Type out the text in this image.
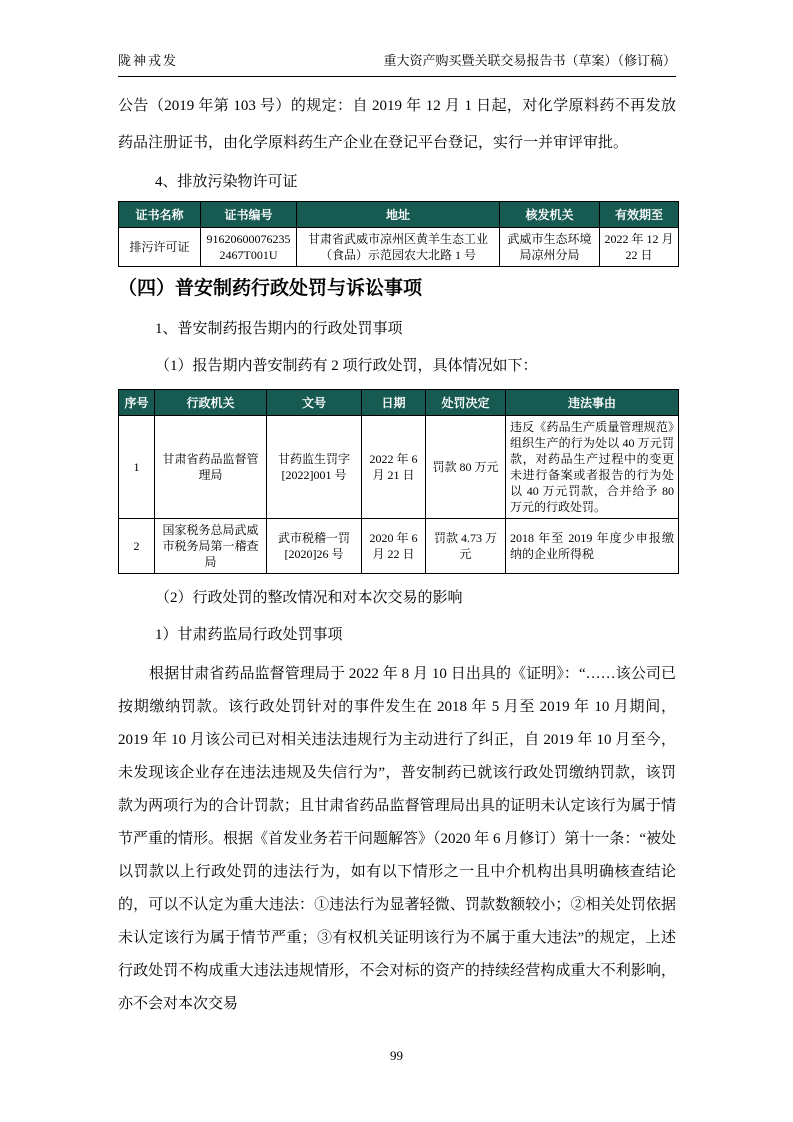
陇神戎发	重大资产购买暨关联交易报告书（草案）（修订稿）

公告（2019 年第 103 号）的规定：自 2019 年 12 月 1 日起，对化学原料药不再发放药品注册证书，由化学原料药生产企业在登记平台登记，实行一并审评审批。

4、排放污染物许可证

证书名称	证书编号	地址	核发机关	有效期至
排污许可证	916206000762352467T001U	甘肃省武威市凉州区黄羊生态工业（食品）示范园农大北路 1 号	武威市生态环境局凉州分局	2022 年 12 月 22 日
（四）普安制药行政处罚与诉讼事项

1、普安制药报告期内的行政处罚事项

（1）报告期内普安制药有 2 项行政处罚，具体情况如下：

序号	行政机关	文号	日期	处罚决定	违法事由
1	甘肃省药品监督管理局	甘药监生罚字[2022]001 号	2022 年 6 月 21 日	罚款 80 万元	违反《药品生产质量管理规范》组织生产的行为处以 40 万元罚款，对药品生产过程中的变更未进行备案或者报告的行为处以 40 万元罚款，合并给予 80 万元的行政处罚。
2	国家税务总局武威市税务局第一稽查局	武市税稽一罚[2020]26 号	2020 年 6 月 22 日	罚款 4.73 万元	2018 年至 2019 年度少申报缴纳的企业所得税

（2）行政处罚的整改情况和对本次交易的影响

1）甘肃药监局行政处罚事项

根据甘肃省药品监督管理局于 2022 年 8 月 10 日出具的《证明》：“……该公司已按期缴纳罚款。该行政处罚针对的事件发生在 2018 年 5 月至 2019 年 10 月期间，2019 年 10 月该公司已对相关违法违规行为主动进行了纠正，自 2019 年 10 月至今，未发现该企业存在违法违规及失信行为”，普安制药已就该行政处罚缴纳罚款，该罚款为两项行为的合计罚款；且甘肃省药品监督管理局出具的证明未认定该行为属于情节严重的情形。根据《首发业务若干问题解答》（2020 年 6 月修订）第十一条：“被处以罚款以上行政处罚的违法行为，如有以下情形之一且中介机构出具明确核查结论的，可以不认定为重大违法：①违法行为显著轻微、罚款数额较小；②相关处罚依据未认定该行为属于情节严重；③有权机关证明该行为不属于重大违法”的规定，上述行政处罚不构成重大违法违规情形，不会对标的资产的持续经营构成重大不利影响，亦不会对本次交易

99
